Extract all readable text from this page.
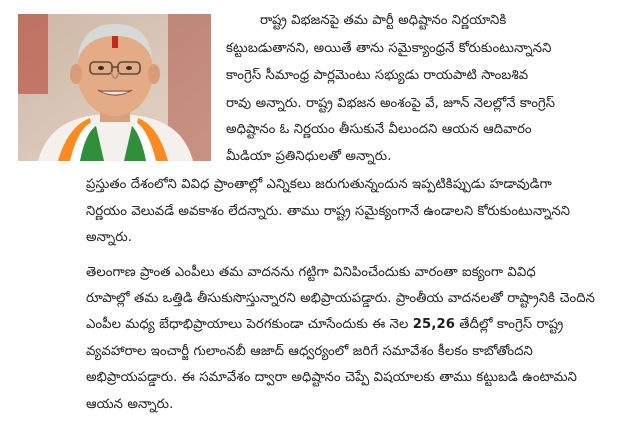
రాష్ట్ర విభజనపై తమ పార్టీ అధిష్టానం నిర్ణయానికి
కట్టుబడుతానని, అయితే తాను సమైక్యాంధ్రనే కోరుకుంటున్నానని
కాంగ్రెస్ సీమాంధ్ర పార్లమెంటు సభ్యుడు రాయపాటి సాంబశివ
రావు అన్నారు. రాష్ట్ర విభజన అంశంపై వే, జూన్ నెలల్లోనే కాంగ్రెస్
అధిష్టానం ఓ నిర్ణయం తీసుకునే వీలుందని ఆయన ఆదివారం
మీడియా ప్రతినిధులతో అన్నారు.
ప్రస్తుతం దేశంలోని వివిధ ప్రాంతాల్లో ఎన్నికలు జరుగుతున్నందున ఇప్పటికిప్పుడు హడావుడిగా
నిర్ణయం వెలువడే అవకాశం లేదన్నారు. తాము రాష్ట్ర సమైక్యంగానే ఉండాలని కోరుకుంటున్నానని
అన్నారు.
తెలంగాణ ప్రాంత ఎంపీలు తమ వాదనను గట్టిగా వినిపించేందుకు వారంతా ఐక్యంగా వివిధ
రూపాల్లో తమ ఒత్తిడి తీసుకుసొస్తున్నారని అభిప్రాయపడ్డారు. ప్రాంతీయ వాదనలతో రాష్ట్రానికి చెందిన
ఎంపీల మధ్య బేధాభిప్రాయాలు పెరగకుండా చూసేందుకు ఈ నెల 25,26 తేదీల్లో కాంగ్రెస్ రాష్ట్ర
వ్యవహారాల ఇంచార్జీ గులాంనబీ ఆజాద్ ఆధ్వర్యంలో జరిగే సమావేశం కీలకం కాబోతోందని
అభిప్రాయపడ్డారు. ఈ సమావేశం ద్వారా అధిష్టానం చెప్పే విషయాలకు తాము కట్టుబడి ఉంటామని
ఆయన అన్నారు.
